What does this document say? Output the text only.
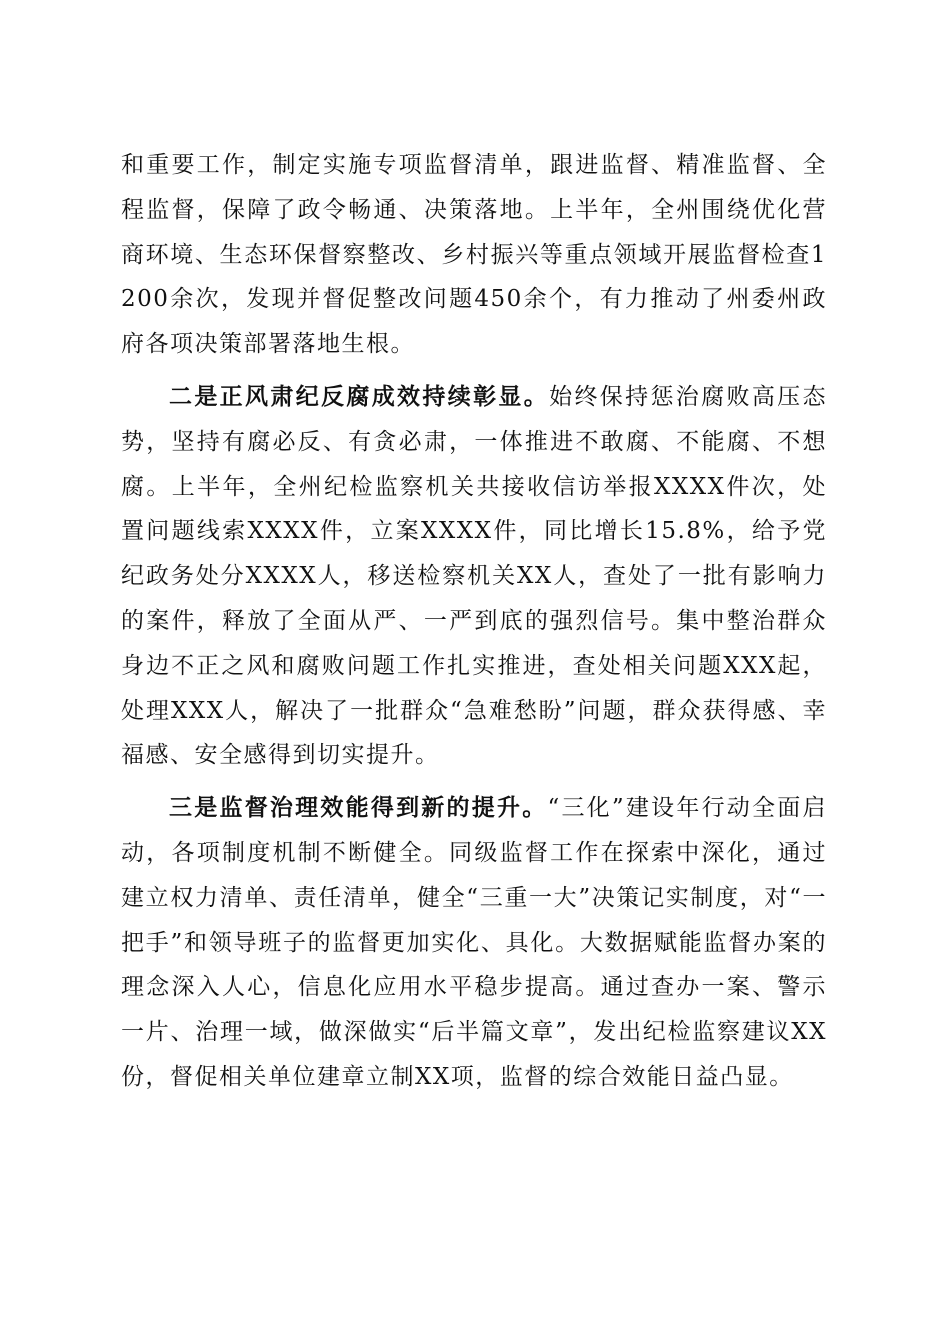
和重要工作，制定实施专项监督清单，跟进监督、精准监督、全程监督，保障了政令畅通、决策落地。上半年，全州围绕优化营商环境、生态环保督察整改、乡村振兴等重点领域开展监督检查1200余次，发现并督促整改问题450余个，有力推动了州委州政府各项决策部署落地生根。

二是正风肃纪反腐成效持续彰显。始终保持惩治腐败高压态势，坚持有腐必反、有贪必肃，一体推进不敢腐、不能腐、不想腐。上半年，全州纪检监察机关共接收信访举报XXXX件次，处置问题线索XXXX件，立案XXXX件，同比增长15.8%，给予党纪政务处分XXXX人，移送检察机关XX人，查处了一批有影响力的案件，释放了全面从严、一严到底的强烈信号。集中整治群众身边不正之风和腐败问题工作扎实推进，查处相关问题XXX起，处理XXX人，解决了一批群众“急难愁盼”问题，群众获得感、幸福感、安全感得到切实提升。

三是监督治理效能得到新的提升。“三化”建设年行动全面启动，各项制度机制不断健全。同级监督工作在探索中深化，通过建立权力清单、责任清单，健全“三重一大”决策记实制度，对“一把手”和领导班子的监督更加实化、具化。大数据赋能监督办案的理念深入人心，信息化应用水平稳步提高。通过查办一案、警示一片、治理一域，做深做实“后半篇文章”，发出纪检监察建议XX份，督促相关单位建章立制XX项，监督的综合效能日益凸显。
